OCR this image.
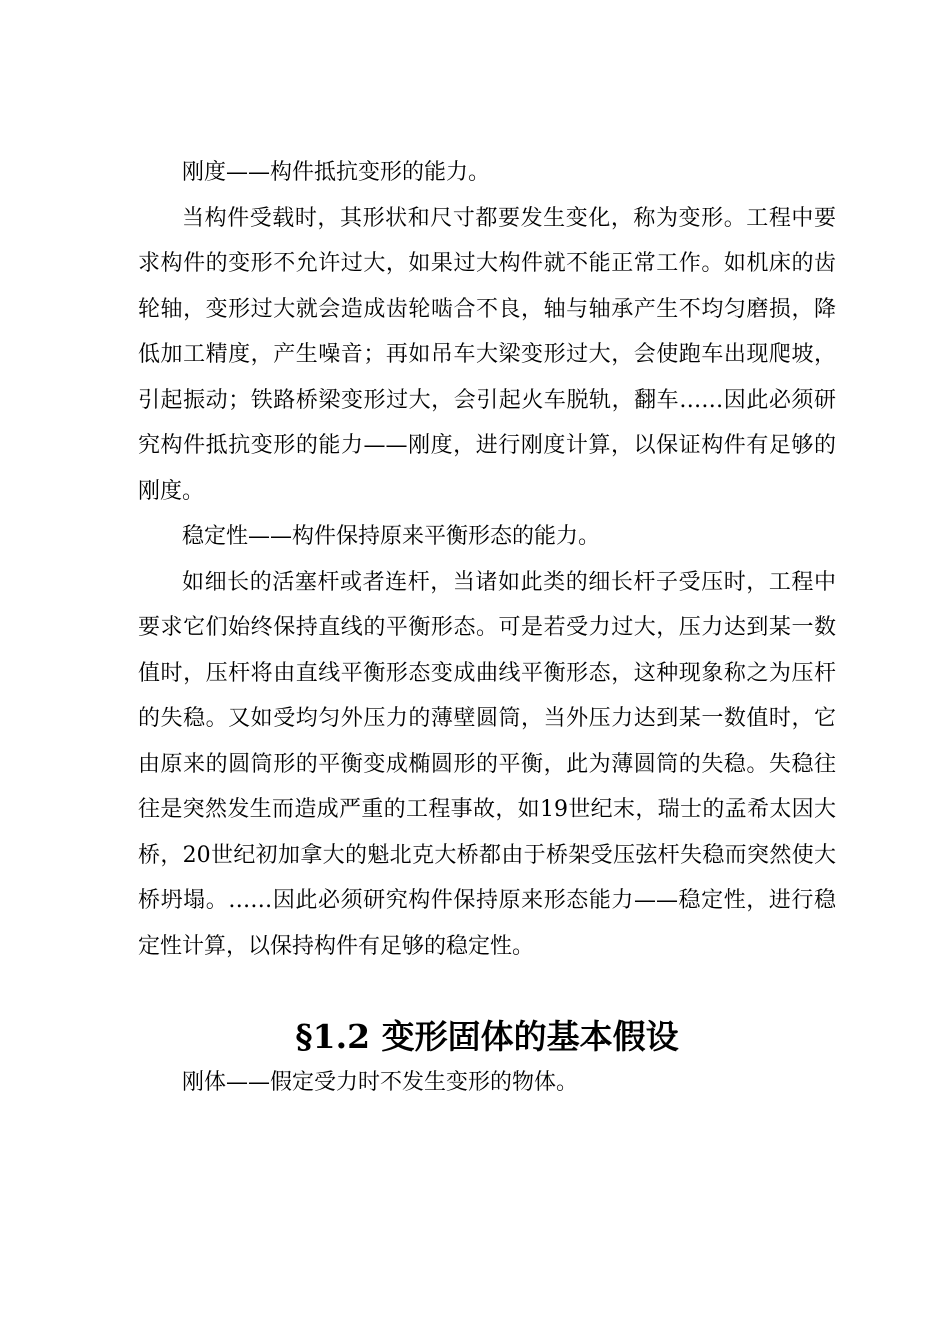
刚度——构件抵抗变形的能力。

当构件受载时，其形状和尺寸都要发生变化，称为变形。工程中要求构件的变形不允许过大，如果过大构件就不能正常工作。如机床的齿轮轴，变形过大就会造成齿轮啮合不良，轴与轴承产生不均匀磨损，降低加工精度，产生噪音；再如吊车大梁变形过大，会使跑车出现爬坡，引起振动；铁路桥梁变形过大，会引起火车脱轨，翻车……因此必须研究构件抵抗变形的能力——刚度，进行刚度计算，以保证构件有足够的刚度。

稳定性——构件保持原来平衡形态的能力。

如细长的活塞杆或者连杆，当诸如此类的细长杆子受压时，工程中要求它们始终保持直线的平衡形态。可是若受力过大，压力达到某一数值时，压杆将由直线平衡形态变成曲线平衡形态，这种现象称之为压杆的失稳。又如受均匀外压力的薄壁圆筒，当外压力达到某一数值时，它由原来的圆筒形的平衡变成椭圆形的平衡，此为薄圆筒的失稳。失稳往往是突然发生而造成严重的工程事故，如19世纪末，瑞士的孟希太因大桥，20世纪初加拿大的魁北克大桥都由于桥架受压弦杆失稳而突然使大桥坍塌。……因此必须研究构件保持原来形态能力——稳定性，进行稳定性计算，以保持构件有足够的稳定性。

§1.2 变形固体的基本假设

刚体——假定受力时不发生变形的物体。
